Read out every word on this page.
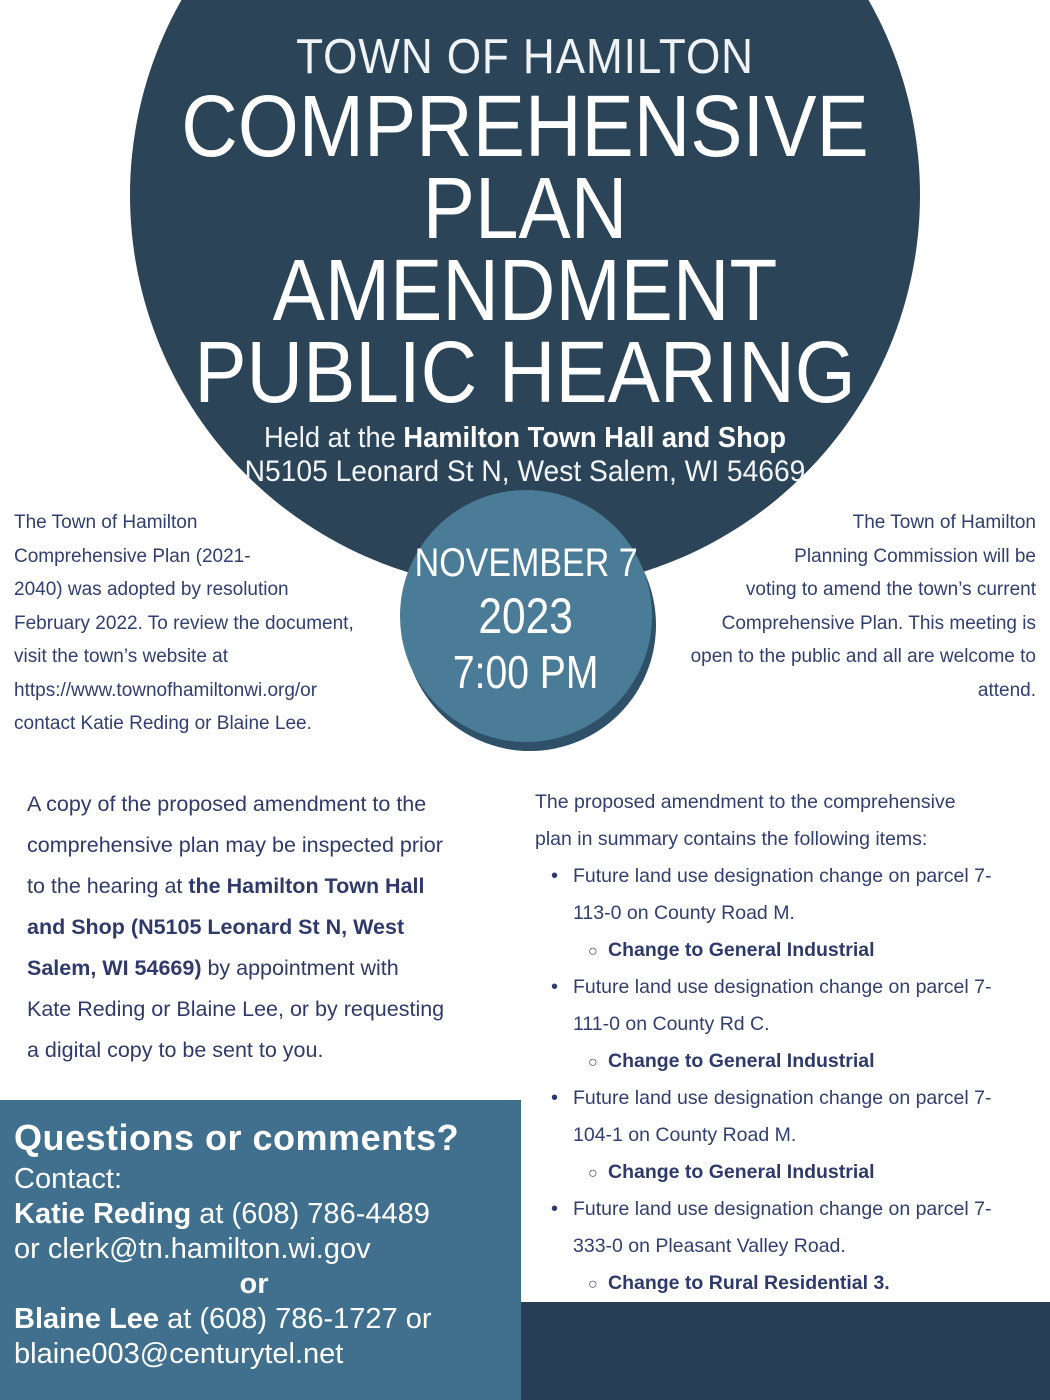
TOWN OF HAMILTON
COMPREHENSIVE
PLAN
AMENDMENT
PUBLIC HEARING
Held at the Hamilton Town Hall and Shop
N5105 Leonard St N, West Salem, WI 54669
NOVEMBER 7
2023
7:00 PM
The Town of Hamilton
Comprehensive Plan (2021-
2040) was adopted by resolution
February 2022. To review the document,
visit the town’s website at
https://www.townofhamiltonwi.org/or
contact Katie Reding or Blaine Lee.
The Town of Hamilton
Planning Commission will be
voting to amend the town’s current
Comprehensive Plan. This meeting is
open to the public and all are welcome to
attend.
A copy of the proposed amendment to the
comprehensive plan may be inspected prior
to the hearing at the Hamilton Town Hall
and Shop (N5105 Leonard St N, West
Salem, WI 54669) by appointment with
Kate Reding or Blaine Lee, or by requesting
a digital copy to be sent to you.
The proposed amendment to the comprehensive
plan in summary contains the following items:
• Future land use designation change on parcel 7-113-0 on County Road M.
○ Change to General Industrial
• Future land use designation change on parcel 7-111-0 on County Rd C.
○ Change to General Industrial
• Future land use designation change on parcel 7-104-1 on County Road M.
○ Change to General Industrial
• Future land use designation change on parcel 7-333-0 on Pleasant Valley Road.
○ Change to Rural Residential 3.
Questions or comments?
Contact:
Katie Reding at (608) 786-4489
or clerk@tn.hamilton.wi.gov
or
Blaine Lee at (608) 786-1727 or
blaine003@centurytel.net
